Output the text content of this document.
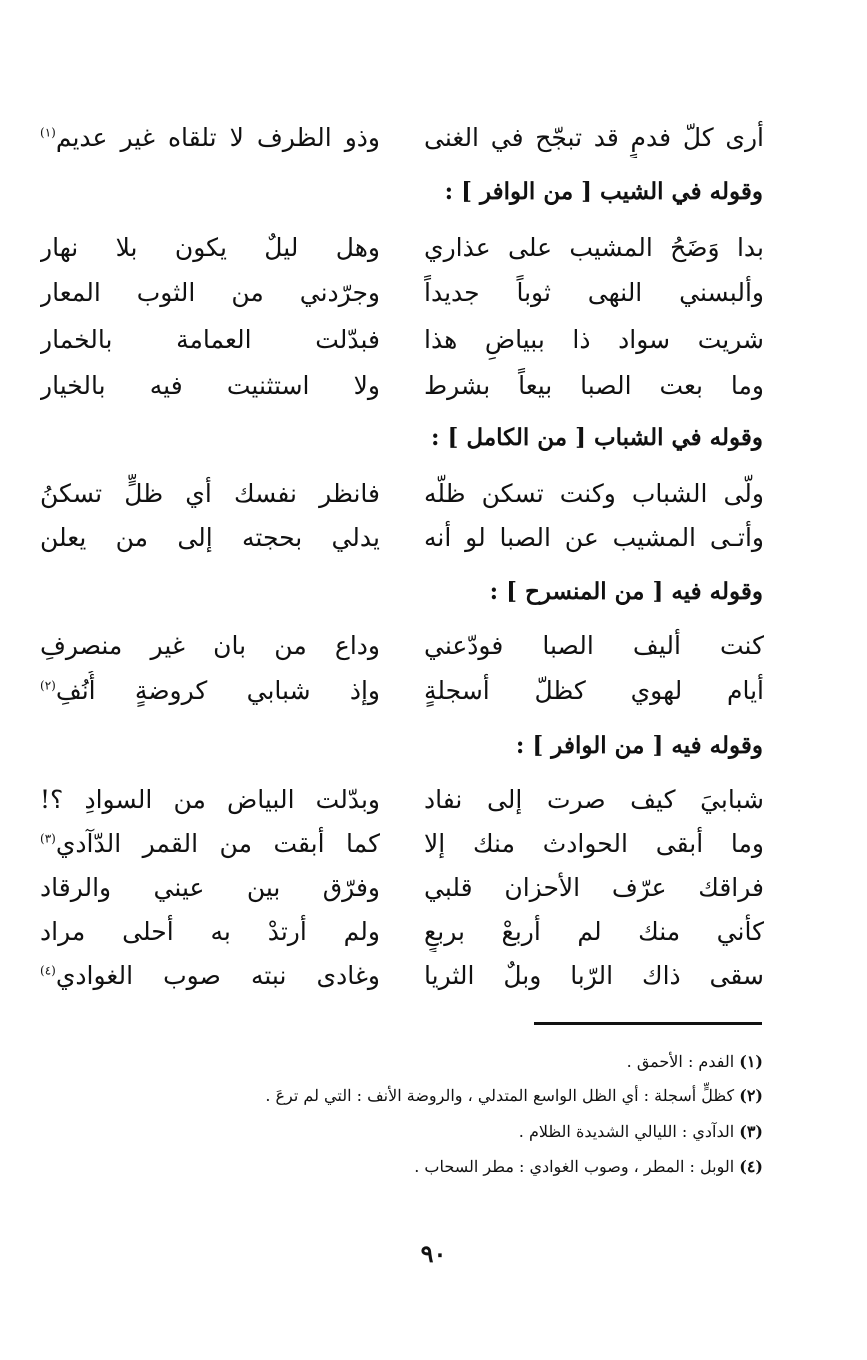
أرى كلّ فدمٍ قد تبجّح في الغنى
وذو الظرف لا تلقاه غير عديم$^{(١)}$
وقوله في الشيب [ من الوافر ] :
بدا وَضَحُ المشيب على عذاري
وهل ليلٌ يكون بلا نهار
وألبسني النهى ثوباً جديداً
وجرّدني من الثوب المعار
شريت سواد ذا ببياضِ هذا
فبدّلت العمامة بالخمار
وما بعت الصبا بيعاً بشرط
ولا استثنيت فيه بالخيار
وقوله في الشباب [ من الكامل ] :
ولّى الشباب وكنت تسكن ظلّه
فانظر نفسك أي ظلٍّ تسكنُ
وأتـى المشيب عن الصبا لو أنه
يدلي بحجته إلى من يعلن
وقوله فيه [ من المنسرح ] :
كنت أليف الصبا فودّعني
وداع من بان غير منصرفِ
أيام لهوي كظلّ أسجلةٍ
وإذ شبابي كروضةٍ أُنُفِ$^{(٢)}$
وقوله فيه [ من الوافر ] :
شبابيَ كيف صرت إلى نفاد
وبدّلت البياض من السوادِ ؟!
وما أبقى الحوادث منك إلا
كما أبقت من القمر الدّآدي$^{(٣)}$
فراقك عرّف الأحزان قلبي
وفرّق بين عيني والرقاد
كأني منك لم أربعْ بربعٍ
ولم أرتدْ به أحلى مراد
سقى ذاك الرّبا وبلٌ الثريا
وغادى نبته صوب الغوادي$^{(٤)}$
(١) الفدم : الأحمق .
(٢) كظلٍّ أسجلة : أي الظل الواسع المتدلي ، والروضة الأنف : التي لم ترعَ .
(٣) الدآدي : الليالي الشديدة الظلام .
(٤) الوبل : المطر ، وصوب الغوادي : مطر السحاب .
٩٠
